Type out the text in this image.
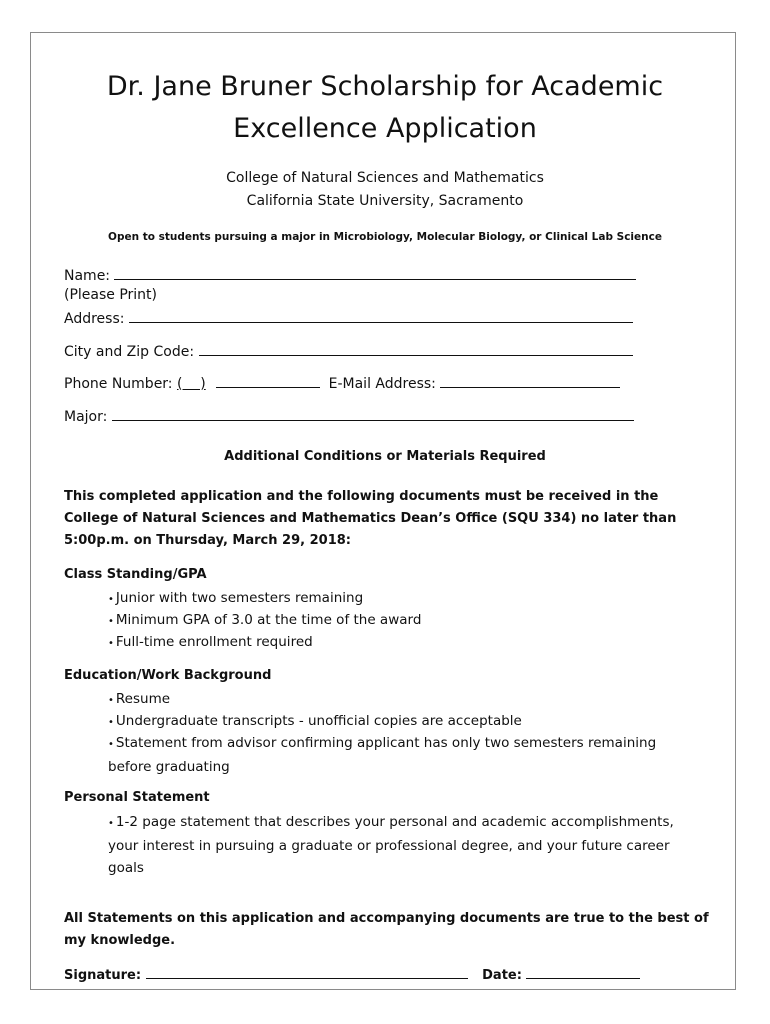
Dr. Jane Bruner Scholarship for Academic
Excellence Application
College of Natural Sciences and Mathematics
California State University, Sacramento
Open to students pursuing a major in Microbiology, Molecular Biology, or Clinical Lab Science
Name:
(Please Print)
Address:
City and Zip Code:
Phone Number: (    )	E-Mail Address:
Major:
Additional Conditions or Materials Required
This completed application and the following documents must be received in the College of Natural Sciences and Mathematics Dean’s Office (SQU 334) no later than 5:00p.m. on Thursday, March 29, 2018:
Class Standing/GPA
• Junior with two semesters remaining
• Minimum GPA of 3.0 at the time of the award
• Full-time enrollment required
Education/Work Background
• Resume
• Undergraduate transcripts - unofficial copies are acceptable
• Statement from advisor confirming applicant has only two semesters remaining before graduating
Personal Statement
• 1-2 page statement that describes your personal and academic accomplishments, your interest in pursuing a graduate or professional degree, and your future career goals
All Statements on this application and accompanying documents are true to the best of my knowledge.
Signature:	Date:
